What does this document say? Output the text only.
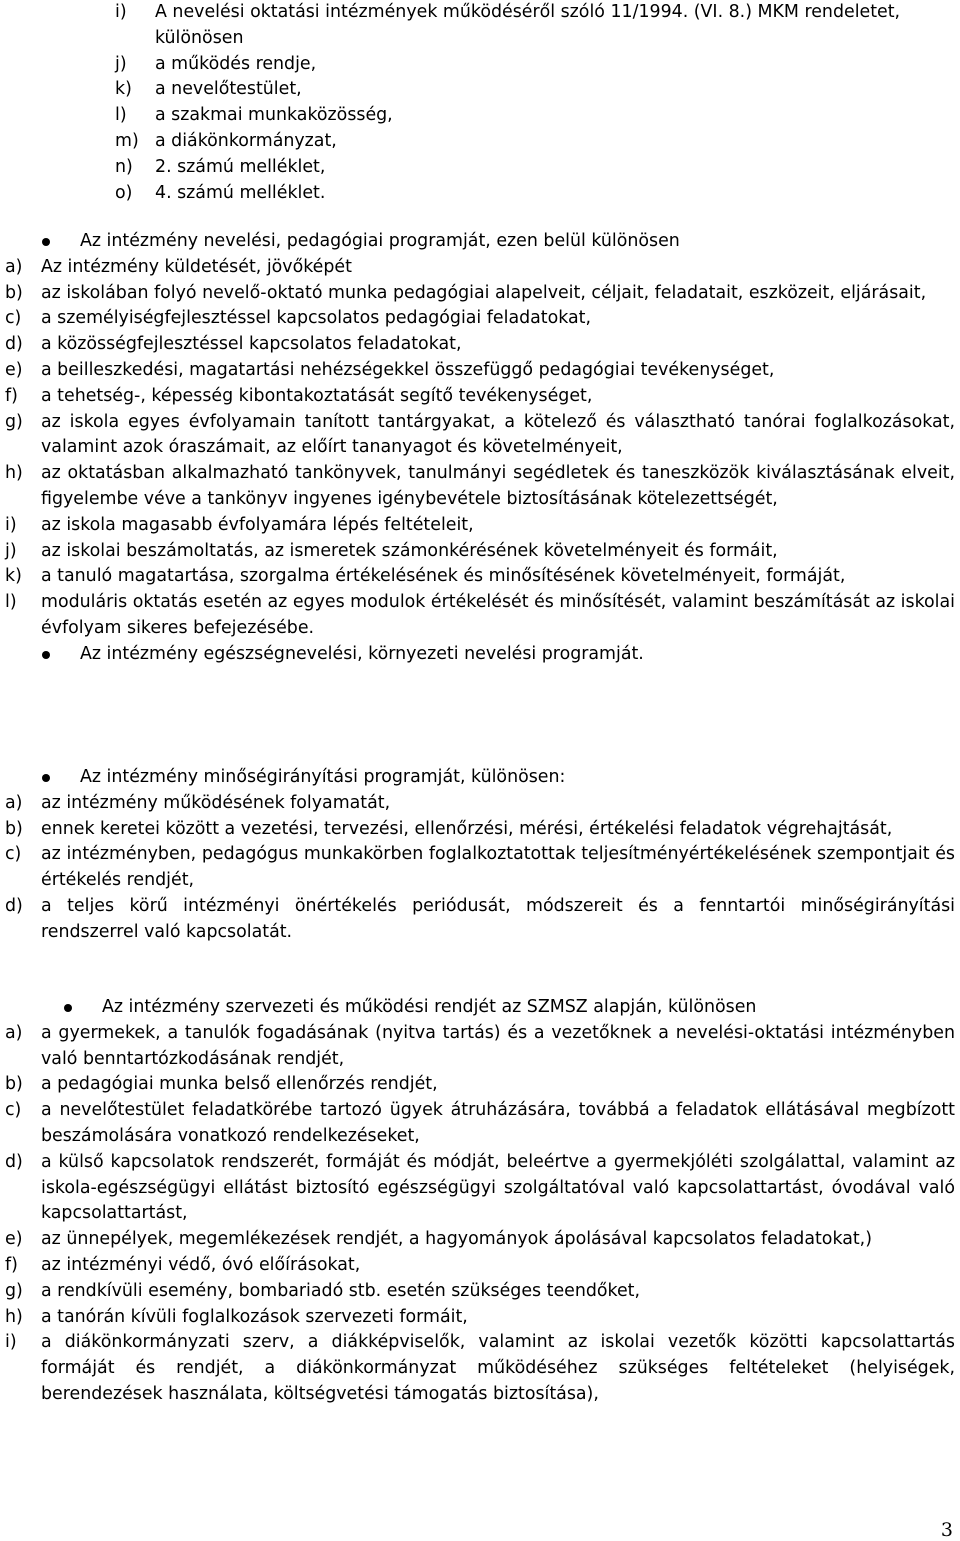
i)	A nevelési oktatási intézmények működéséről szóló 11/1994. (VI. 8.) MKM rendeletet, különösen
j)	a működés rendje,
k)	a nevelőtestület,
l)	a szakmai munkaközösség,
m) a diákönkormányzat,
n)	2. számú melléklet,
o)	4. számú melléklet.
Az intézmény nevelési, pedagógiai programját, ezen belül különösen
a)	Az intézmény küldetését, jövőképét
b)	az iskolában folyó nevelő-oktató munka pedagógiai alapelveit, céljait, feladatait, eszközeit, eljárásait,
c)	a személyiségfejlesztéssel kapcsolatos pedagógiai feladatokat,
d)	a közösségfejlesztéssel kapcsolatos feladatokat,
e)	a beilleszkedési, magatartási nehézségekkel összefüggő pedagógiai tevékenységet,
f)	a tehetség-, képesség kibontakoztatását segítő tevékenységet,
g)	az iskola egyes évfolyamain tanított tantárgyakat, a kötelező és választható tanórai foglalkozásokat, valamint azok óraszámait, az előírt tananyagot és követelményeit,
h)	az oktatásban alkalmazható tankönyvek, tanulmányi segédletek és taneszközök kiválasztásának elveit, figyelembe véve a tankönyv ingyenes igénybevétele biztosításának kötelezettségét,
i)	az iskola magasabb évfolyamára lépés feltételeit,
j)	az iskolai beszámoltatás, az ismeretek számonkérésének követelményeit és formáit,
k)	a tanuló magatartása, szorgalma értékelésének és minősítésének követelményeit, formáját,
l)	moduláris oktatás esetén az egyes modulok értékelését és minősítését, valamint beszámítását az iskolai évfolyam sikeres befejezésébe.
Az intézmény egészségnevelési, környezeti nevelési programját.
Az intézmény minőségirányítási programját, különösen:
a)	az intézmény működésének folyamatát,
b)	ennek keretei között a vezetési, tervezési, ellenőrzési, mérési, értékelési feladatok végrehajtását,
c)	az intézményben, pedagógus munkakörben foglalkoztatottak teljesítményértékelésének szempontjait és értékelés rendjét,
d)	a teljes körű intézményi önértékelés periódusát, módszereit és a fenntartói minőségirányítási rendszerrel való kapcsolatát.
Az intézmény szervezeti és működési rendjét az SZMSZ alapján, különösen
a)	a gyermekek, a tanulók fogadásának (nyitva tartás) és a vezetőknek a nevelési-oktatási intézményben való benntartózkodásának rendjét,
b)	a pedagógiai munka belső ellenőrzés rendjét,
c)	a nevelőtestület feladatkörébe tartozó ügyek átruházására, továbbá a feladatok ellátásával megbízott beszámolására vonatkozó rendelkezéseket,
d)	a külső kapcsolatok rendszerét, formáját és módját, beleértve a gyermekjóléti szolgálattal, valamint az iskola-egészségügyi ellátást biztosító egészségügyi szolgáltatóval való kapcsolattartást, óvodával való kapcsolattartást,
e)	az ünnepélyek, megemlékezések rendjét, a hagyományok ápolásával kapcsolatos feladatokat,)
f)	az intézményi védő, óvó előírásokat,
g)	a rendkívüli esemény, bombariadó stb. esetén szükséges teendőket,
h)	a tanórán kívüli foglalkozások szervezeti formáit,
i)	a diákönkormányzati szerv, a diákképviselők, valamint az iskolai vezetők közötti kapcsolattartás formáját és rendjét, a diákönkormányzat működéséhez szükséges feltételeket (helyiségek, berendezések használata, költségvetési támogatás biztosítása),
3
